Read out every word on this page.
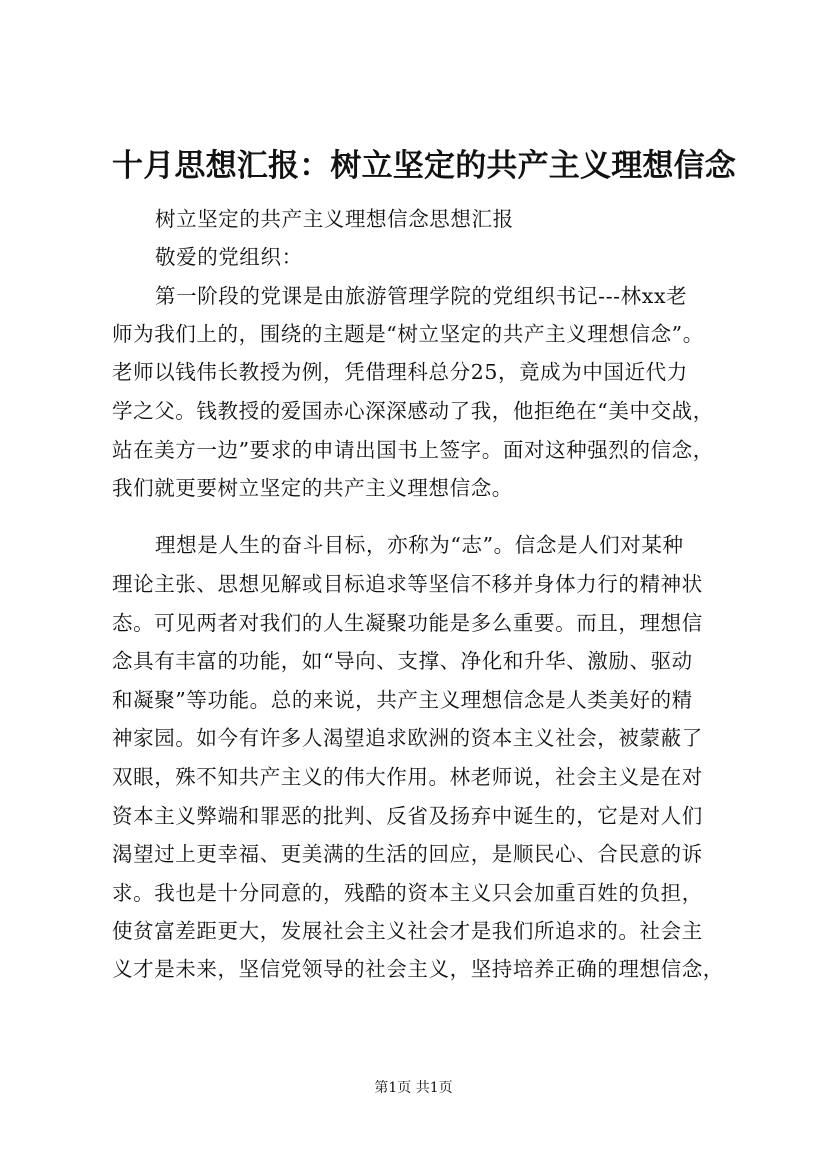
十月思想汇报：树立坚定的共产主义理想信念
树立坚定的共产主义理想信念思想汇报
敬爱的党组织：
第一阶段的党课是由旅游管理学院的党组织书记---林xx老
师为我们上的，围绕的主题是“树立坚定的共产主义理想信念”。
老师以钱伟长教授为例，凭借理科总分25，竟成为中国近代力
学之父。钱教授的爱国赤心深深感动了我，他拒绝在“美中交战，
站在美方一边”要求的申请出国书上签字。面对这种强烈的信念，
我们就更要树立坚定的共产主义理想信念。
理想是人生的奋斗目标，亦称为“志”。信念是人们对某种
理论主张、思想见解或目标追求等坚信不移并身体力行的精神状
态。可见两者对我们的人生凝聚功能是多么重要。而且，理想信
念具有丰富的功能，如“导向、支撑、净化和升华、激励、驱动
和凝聚”等功能。总的来说，共产主义理想信念是人类美好的精
神家园。如今有许多人渴望追求欧洲的资本主义社会，被蒙蔽了
双眼，殊不知共产主义的伟大作用。林老师说，社会主义是在对
资本主义弊端和罪恶的批判、反省及扬弃中诞生的，它是对人们
渴望过上更幸福、更美满的生活的回应，是顺民心、合民意的诉
求。我也是十分同意的，残酷的资本主义只会加重百姓的负担，
使贫富差距更大，发展社会主义社会才是我们所追求的。社会主
义才是未来，坚信党领导的社会主义，坚持培养正确的理想信念，
第1页 共1页
